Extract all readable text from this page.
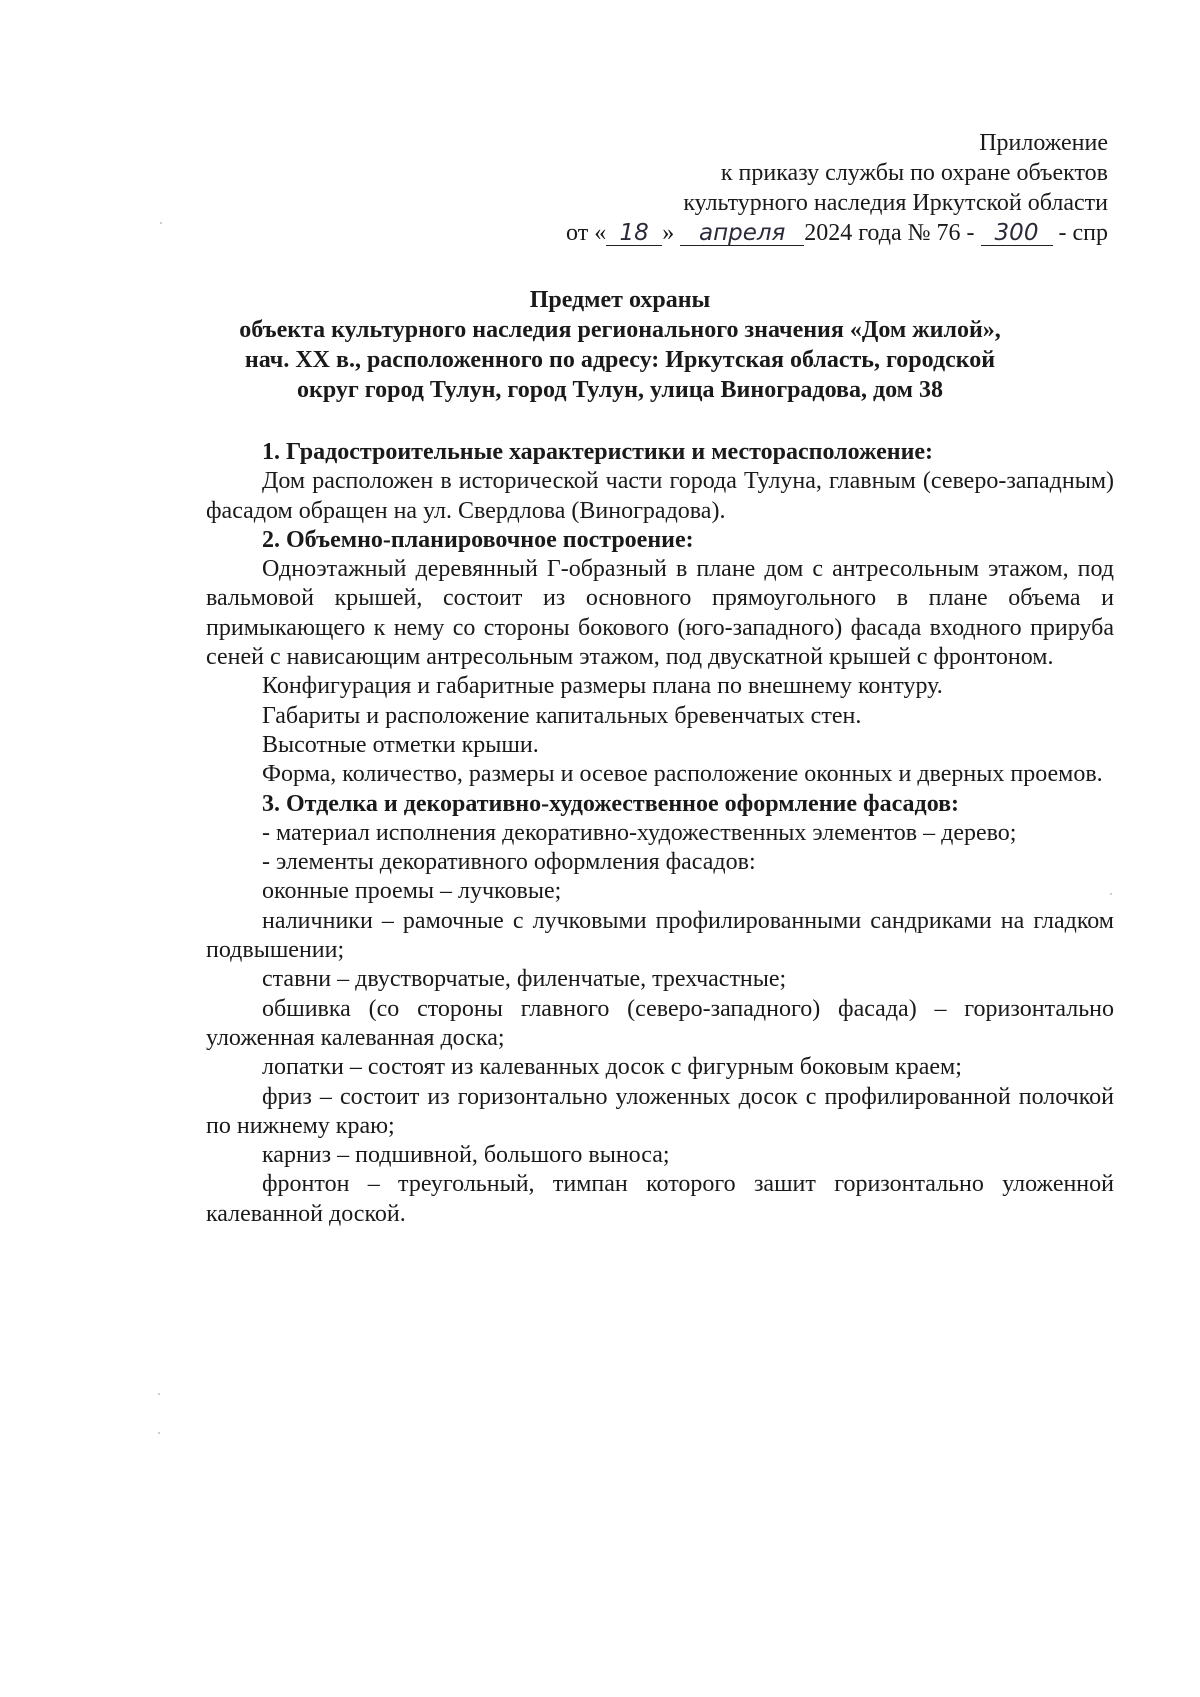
Приложение
к приказу службы по охране объектов
культурного наследия Иркутской области
от « 18 » апреля 2024 года № 76 - 300 - спр
Предмет охраны
объекта культурного наследия регионального значения «Дом жилой»,
нач. XX в., расположенного по адресу: Иркутская область, городской
округ город Тулун, город Тулун, улица Виноградова, дом 38

1. Градостроительные характеристики и месторасположение:

Дом расположен в исторической части города Тулуна, главным (северо-западным) фасадом обращен на ул. Свердлова (Виноградова).

2. Объемно-планировочное построение:

Одноэтажный деревянный Г-образный в плане дом с антресольным этажом, под вальмовой крышей, состоит из основного прямоугольного в плане объема и примыкающего к нему со стороны бокового (юго-западного) фасада входного прируба сеней с нависающим антресольным этажом, под двускатной крышей с фронтоном.

Конфигурация и габаритные размеры плана по внешнему контуру.

Габариты и расположение капитальных бревенчатых стен.

Высотные отметки крыши.

Форма, количество, размеры и осевое расположение оконных и дверных проемов.

3. Отделка и декоративно-художественное оформление фасадов:

- материал исполнения декоративно-художественных элементов – дерево;

- элементы декоративного оформления фасадов:

оконные проемы – лучковые;

наличники – рамочные с лучковыми профилированными сандриками на гладком подвышении;

ставни – двустворчатые, филенчатые, трехчастные;

обшивка (со стороны главного (северо-западного) фасада) – горизонтально уложенная калеванная доска;

лопатки – состоят из калеванных досок с фигурным боковым краем;

фриз – состоит из горизонтально уложенных досок с профилированной полочкой по нижнему краю;

карниз – подшивной, большого выноса;

фронтон – треугольный, тимпан которого зашит горизонтально уложенной калеванной доской.
